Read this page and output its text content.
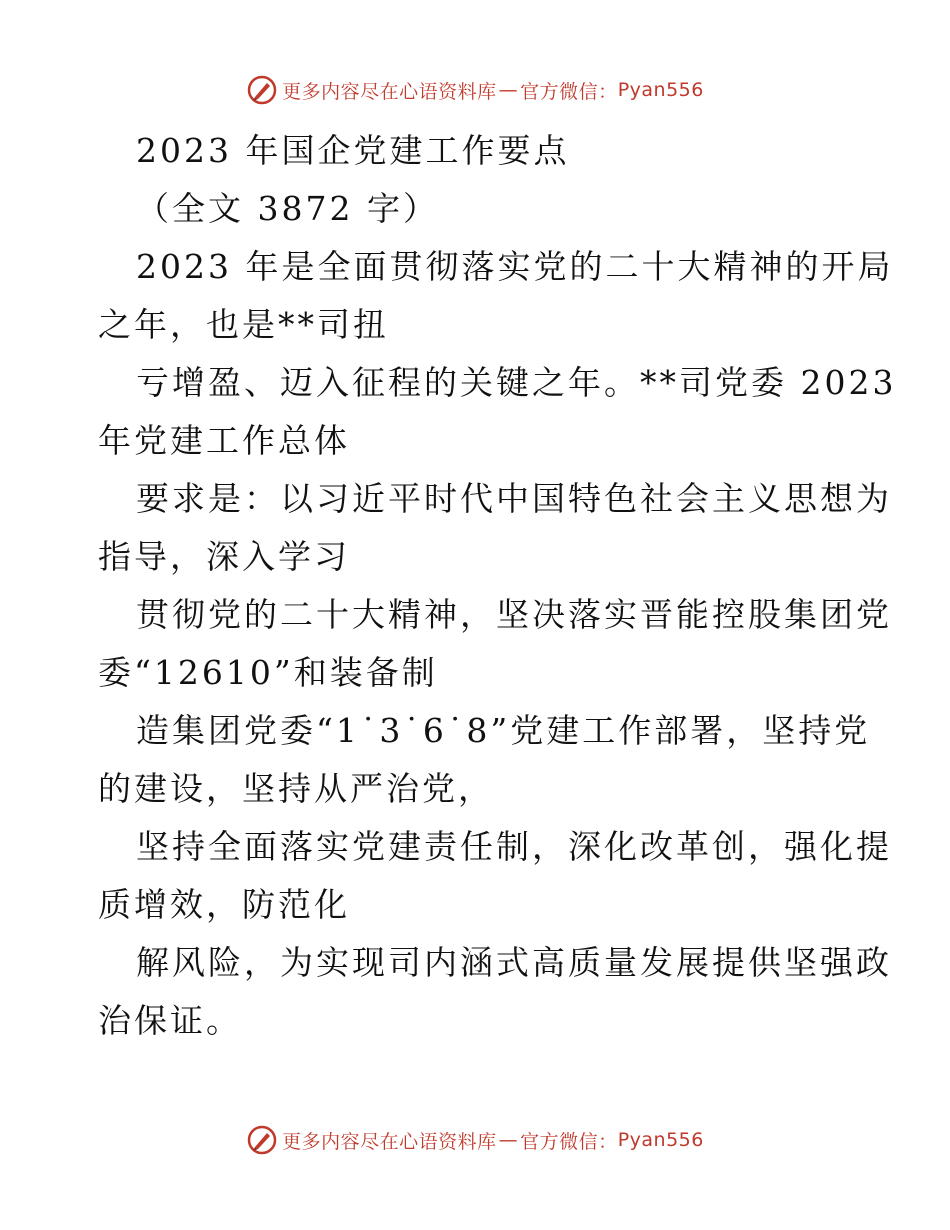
更多内容尽在心语资料库 — 官方微信： Pyan556
2023 年国企党建工作要点
（全文 3872 字）
2023 年是全面贯彻落实党的二十大精神的开局
之年，也是**司扭
亏增盈、迈入征程的关键之年。**司党委 2023
年党建工作总体
要求是：以习近平时代中国特色社会主义思想为
指导，深入学习
贯彻党的二十大精神，坚决落实晋能控股集团党
委“12610”和装备制
造集团党委“1˙3˙6˙8”党建工作部署，坚持党
的建设，坚持从严治党，
坚持全面落实党建责任制，深化改革创，强化提
质增效，防范化
解风险，为实现司内涵式高质量发展提供坚强政
治保证。
更多内容尽在心语资料库 — 官方微信： Pyan556
